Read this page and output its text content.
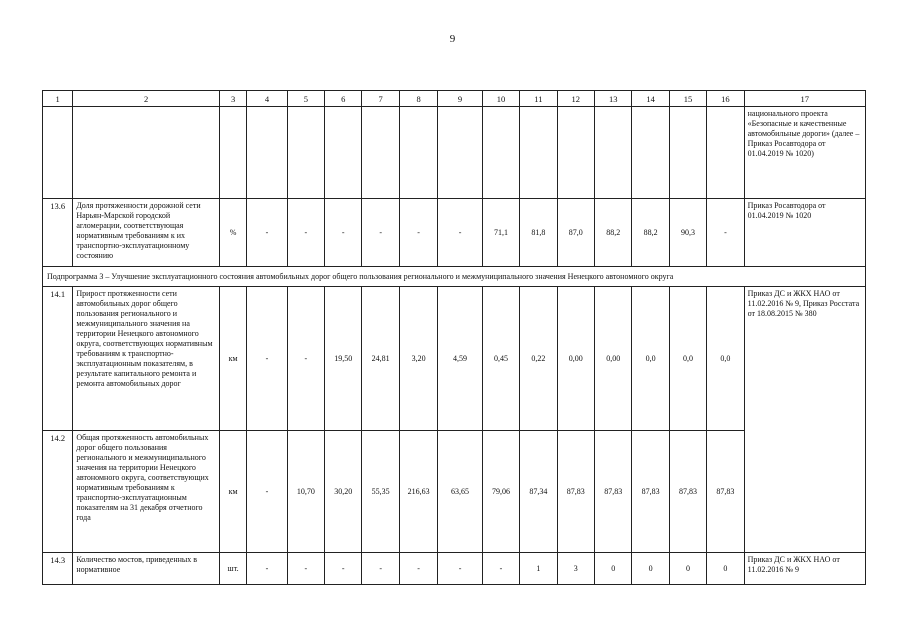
9
1	2	3	4	5	6	7	8	9	10	11	12	13	14	15	16	17
																национального проекта «Безопасные и качественные автомобильные дороги» (далее – Приказ Росавтодора от 01.04.2019 № 1020)
13.6	Доля протяженности дорожной сети Нарьян-Марской городской агломерации, соответствующая нормативным требованиям к их транспортно-эксплуатационному состоянию	%	-	-	-	-	-	-	71,1	81,8	87,0	88,2	88,2	90,3	-	Приказ Росавтодора от 01.04.2019 № 1020
Подпрограмма 3 – Улучшение эксплуатационного состояния автомобильных дорог общего пользования регионального и межмуниципального значения Ненецкого автономного округа																
14.1	Прирост протяженности сети автомобильных дорог общего пользования регионального и межмуниципального значения на территории Ненецкого автономного округа, соответствующих нормативным требованиям к транспортно-эксплуатационным показателям, в результате капитального ремонта и ремонта автомобильных дорог	км	-	-	19,50	24,81	3,20	4,59	0,45	0,22	0,00	0,00	0,0	0,0	0,0	Приказ ДС и ЖКХ НАО от 11.02.2016 № 9, Приказ Росстата от 18.08.2015 № 380
14.2	Общая протяженность автомобильных дорог общего пользования регионального и межмуниципального значения на территории Ненецкого автономного округа, соответствующих нормативным требованиям к транспортно-эксплуатационным показателям на 31 декабря отчетного года	км	-	10,70	30,20	55,35	216,63	63,65	79,06	87,34	87,83	87,83	87,83	87,83	87,83	
14.3	Количество мостов, приведенных в нормативное	шт.	-	-	-	-	-	-	-	1	3	0	0	0	0	Приказ ДС и ЖКХ НАО от 11.02.2016 № 9
